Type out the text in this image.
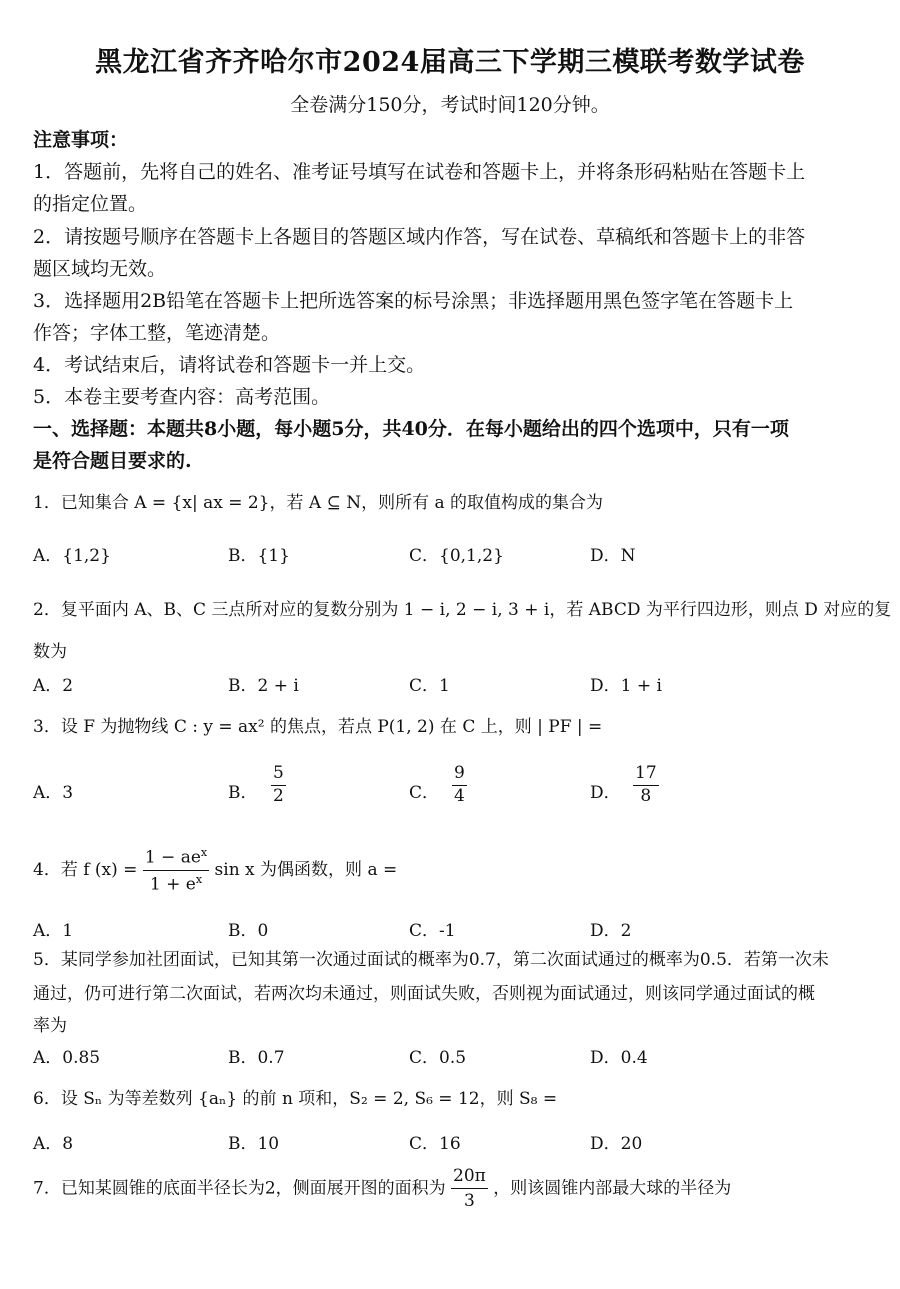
黑龙江省齐齐哈尔市2024届高三下学期三模联考数学试卷
全卷满分150分，考试时间120分钟。
注意事项：
1．答题前，先将自己的姓名、准考证号填写在试卷和答题卡上，并将条形码粘贴在答题卡上
的指定位置。
2．请按题号顺序在答题卡上各题目的答题区域内作答，写在试卷、草稿纸和答题卡上的非答
题区域均无效。
3．选择题用2B铅笔在答题卡上把所选答案的标号涂黑；非选择题用黑色签字笔在答题卡上
作答；字体工整，笔迹清楚。
4．考试结束后，请将试卷和答题卡一并上交。
5．本卷主要考查内容：高考范围。
一、选择题：本题共8小题，每小题5分，共40分．在每小题给出的四个选项中，只有一项
是符合题目要求的.
1．已知集合 A = {x| ax = 2}，若 A ⊆ N，则所有 a 的取值构成的集合为
A．{1,2}	B．{1}	C．{0,1,2}	D．N
2．复平面内 A、B、C 三点所对应的复数分别为 1 − i, 2 − i, 3 + i，若 ABCD 为平行四边形，则点 D 对应的复
数为
A．2	B．2 + i	C．1	D．1 + i
3．设 F 为抛物线 C : y = ax² 的焦点，若点 P(1, 2) 在 C 上，则 | PF | =
A．3	B． $\frac{5}{2}$	C． $\frac{9}{4}$	D． $\frac{17}{8}$
4．若 f $(x) = \frac{1 - ae^x}{1 + e^x}$ sin x 为偶函数，则 a =
A．1	B．0	C．-1	D．2
5．某同学参加社团面试，已知其第一次通过面试的概率为0.7，第二次面试通过的概率为0.5．若第一次未
通过，仍可进行第二次面试，若两次均未通过，则面试失败，否则视为面试通过，则该同学通过面试的概
率为
A．0.85	B．0.7	C．0.5	D．0.4
6．设 Sₙ 为等差数列 {aₙ} 的前 n 项和，S₂ = 2, S₆ = 12，则 S₈ =
A．8	B．10	C．16	D．20
7．已知某圆锥的底面半径长为2，侧面展开图的面积为 $\frac{20\pi}{3}$ ，则该圆锥内部最大球的半径为
